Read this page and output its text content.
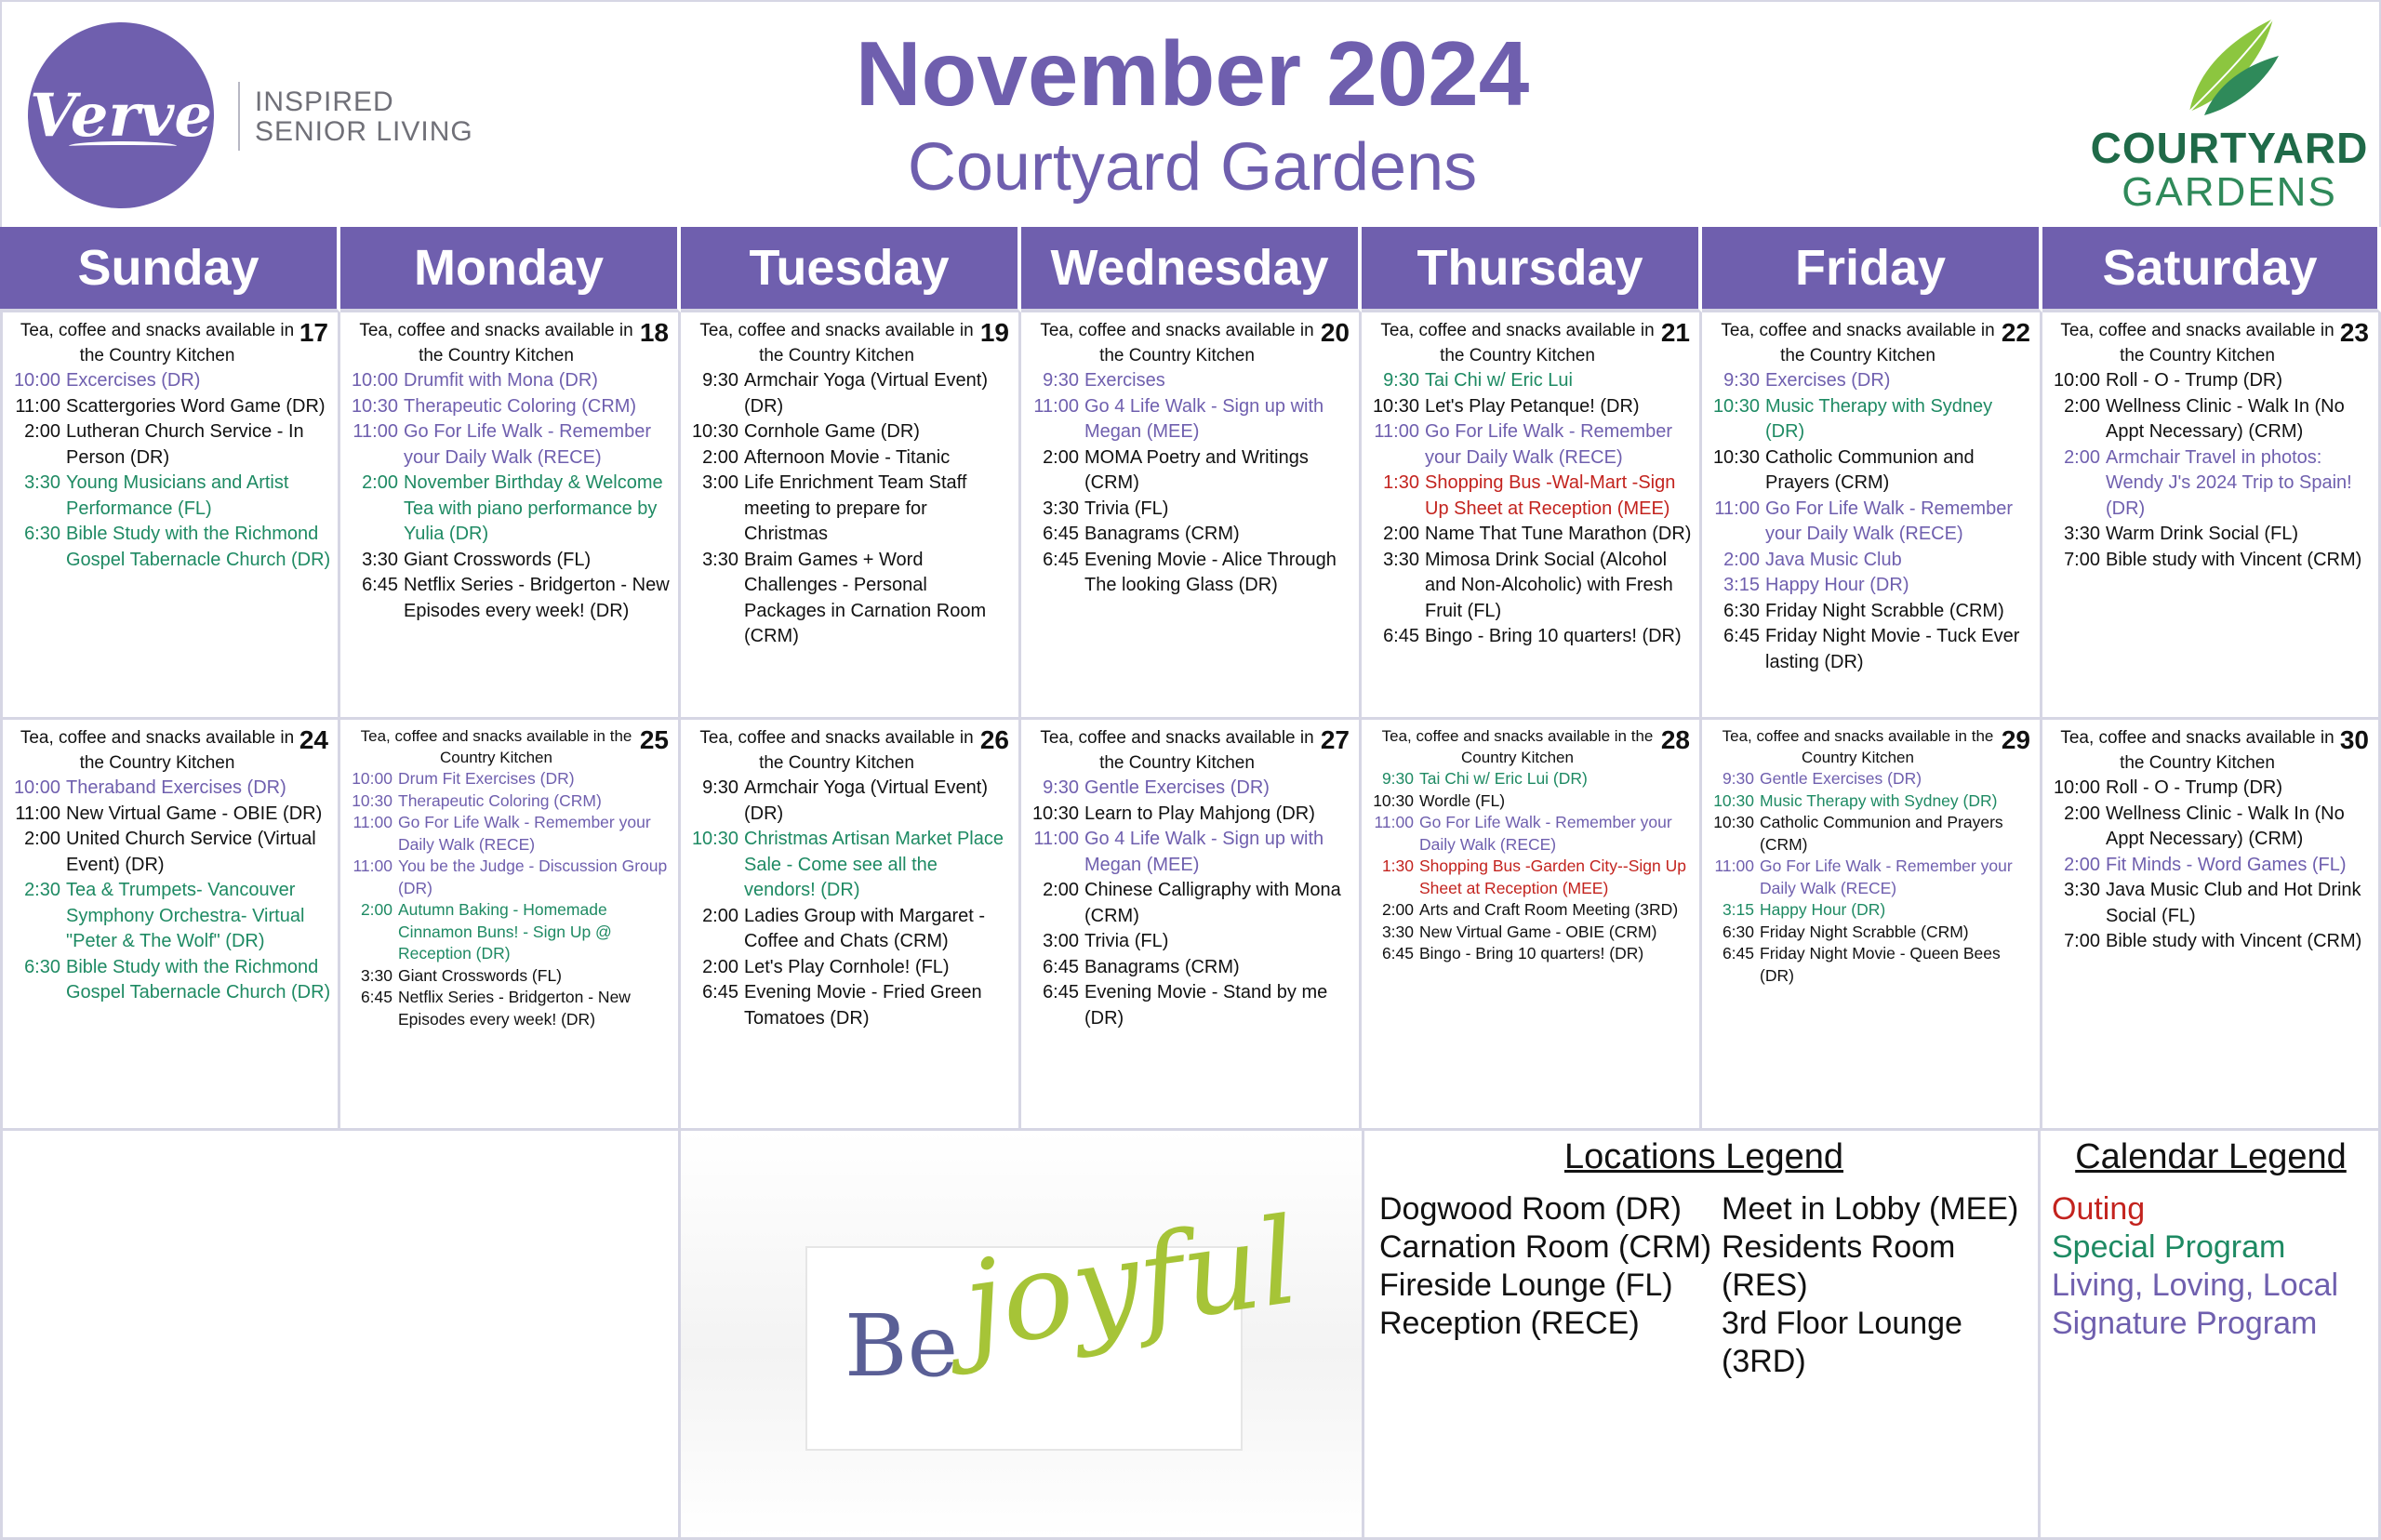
Verve INSPIRED
SENIOR LIVING
November 2024
Courtyard Gardens	COURTYARD
GARDENS
Sunday	Monday	Tuesday	Wednesday	Thursday	Friday	Saturday
17
Tea, coffee and snacks available in the Country Kitchen
10:00 Excercises (DR)
11:00 Scattergories Word Game (DR)
2:00 Lutheran Church Service - In Person (DR)
3:30 Young Musicians and Artist Performance (FL)
6:30 Bible Study with the Richmond Gospel Tabernacle Church (DR)
18
Tea, coffee and snacks available in the Country Kitchen
10:00 Drumfit with Mona (DR)
10:30 Therapeutic Coloring (CRM)
11:00 Go For Life Walk - Remember your Daily Walk (RECE)
2:00 November Birthday & Welcome Tea with piano performance by Yulia (DR)
3:30 Giant Crosswords (FL)
6:45 Netflix Series - Bridgerton - New Episodes every week! (DR)
19
Tea, coffee and snacks available in the Country Kitchen
9:30 Armchair Yoga (Virtual Event) (DR)
10:30 Cornhole Game (DR)
2:00 Afternoon Movie - Titanic
3:00 Life Enrichment Team Staff meeting to prepare for Christmas
3:30 Braim Games + Word Challenges - Personal Packages in Carnation Room (CRM)
20
Tea, coffee and snacks available in the Country Kitchen
9:30 Exercises
11:00 Go 4 Life Walk - Sign up with Megan (MEE)
2:00 MOMA Poetry and Writings (CRM)
3:30 Trivia (FL)
6:45 Banagrams (CRM)
6:45 Evening Movie - Alice Through The looking Glass (DR)
21
Tea, coffee and snacks available in the Country Kitchen
9:30 Tai Chi w/ Eric Lui
10:30 Let's Play Petanque! (DR)
11:00 Go For Life Walk - Remember your Daily Walk (RECE)
1:30 Shopping Bus -Wal-Mart -Sign Up Sheet at Reception (MEE)
2:00 Name That Tune Marathon (DR)
3:30 Mimosa Drink Social (Alcohol and Non-Alcoholic) with Fresh Fruit (FL)
6:45 Bingo - Bring 10 quarters! (DR)
22
Tea, coffee and snacks available in the Country Kitchen
9:30 Exercises (DR)
10:30 Music Therapy with Sydney (DR)
10:30 Catholic Communion and Prayers (CRM)
11:00 Go For Life Walk - Remember your Daily Walk (RECE)
2:00 Java Music Club
3:15 Happy Hour (DR)
6:30 Friday Night Scrabble (CRM)
6:45 Friday Night Movie - Tuck Ever lasting (DR)
23
Tea, coffee and snacks available in the Country Kitchen
10:00 Roll - O - Trump (DR)
2:00 Wellness Clinic - Walk In (No Appt Necessary) (CRM)
2:00 Armchair Travel in photos: Wendy J's 2024 Trip to Spain! (DR)
3:30 Warm Drink Social (FL)
7:00 Bible study with Vincent (CRM)
24
Tea, coffee and snacks available in the Country Kitchen
10:00 Theraband Exercises (DR)
11:00 New Virtual Game - OBIE (DR)
2:00 United Church Service (Virtual Event) (DR)
2:30 Tea & Trumpets- Vancouver Symphony Orchestra- Virtual "Peter & The Wolf" (DR)
6:30 Bible Study with the Richmond Gospel Tabernacle Church (DR)
25
Tea, coffee and snacks available in the Country Kitchen
10:00 Drum Fit Exercises (DR)
10:30 Therapeutic Coloring (CRM)
11:00 Go For Life Walk - Remember your Daily Walk (RECE)
11:00 You be the Judge - Discussion Group (DR)
2:00 Autumn Baking - Homemade Cinnamon Buns! - Sign Up @ Reception (DR)
3:30 Giant Crosswords (FL)
6:45 Netflix Series - Bridgerton - New Episodes every week! (DR)
26
Tea, coffee and snacks available in the Country Kitchen
9:30 Armchair Yoga (Virtual Event) (DR)
10:30 Christmas Artisan Market Place Sale - Come see all the vendors! (DR)
2:00 Ladies Group with Margaret - Coffee and Chats (CRM)
2:00 Let's Play Cornhole! (FL)
6:45 Evening Movie - Fried Green Tomatoes (DR)
27
Tea, coffee and snacks available in the Country Kitchen
9:30 Gentle Exercises (DR)
10:30 Learn to Play Mahjong (DR)
11:00 Go 4 Life Walk - Sign up with Megan (MEE)
2:00 Chinese Calligraphy with Mona (CRM)
3:00 Trivia (FL)
6:45 Banagrams (CRM)
6:45 Evening Movie - Stand by me (DR)
28
Tea, coffee and snacks available in the Country Kitchen
9:30 Tai Chi w/ Eric Lui (DR)
10:30 Wordle (FL)
11:00 Go For Life Walk - Remember your Daily Walk (RECE)
1:30 Shopping Bus -Garden City--Sign Up Sheet at Reception (MEE)
2:00 Arts and Craft Room Meeting (3RD)
3:30 New Virtual Game - OBIE (CRM)
6:45 Bingo - Bring 10 quarters! (DR)
29
Tea, coffee and snacks available in the Country Kitchen
9:30 Gentle Exercises (DR)
10:30 Music Therapy with Sydney (DR)
10:30 Catholic Communion and Prayers (CRM)
11:00 Go For Life Walk - Remember your Daily Walk (RECE)
3:15 Happy Hour (DR)
6:30 Friday Night Scrabble (CRM)
6:45 Friday Night Movie - Queen Bees (DR)
30
Tea, coffee and snacks available in the Country Kitchen
10:00 Roll - O - Trump (DR)
2:00 Wellness Clinic - Walk In (No Appt Necessary) (CRM)
2:00 Fit Minds - Word Games (FL)
3:30 Java Music Club and Hot Drink Social (FL)
7:00 Bible study with Vincent (CRM)
Be
joyful
Locations Legend
Dogwood Room (DR)
Carnation Room (CRM)
Fireside Lounge (FL)
Reception (RECE)
Meet in Lobby (MEE)
Residents Room (RES)
3rd Floor Lounge (3RD)
Calendar Legend
Outing
Special Program
Living, Loving, Local Signature Program
